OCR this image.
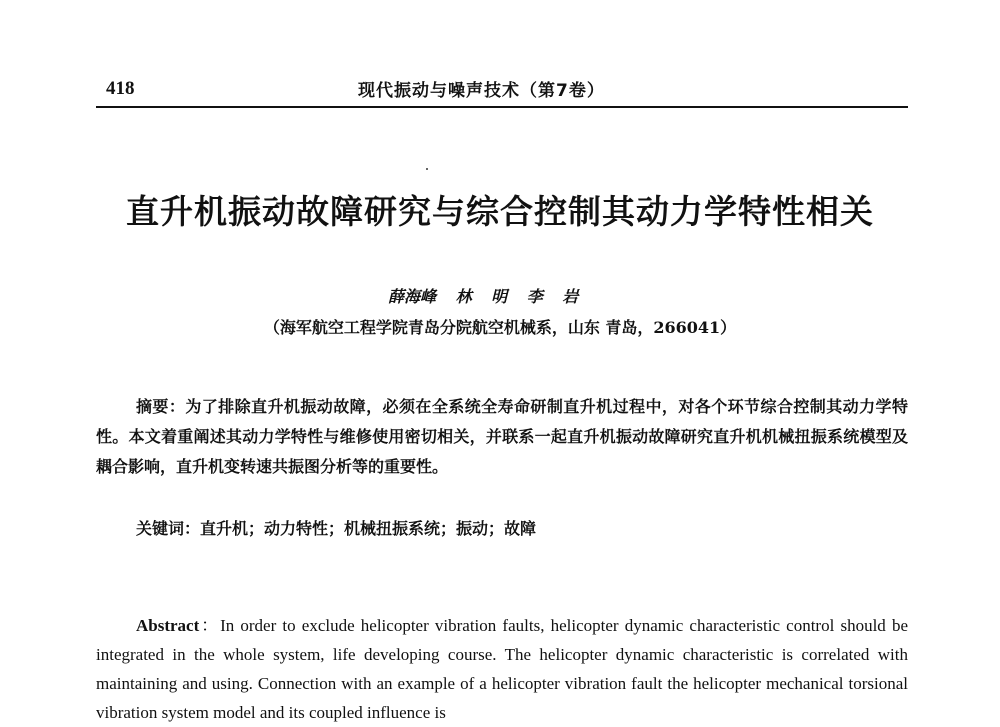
418	现代振动与噪声技术（第7卷）
直升机振动故障研究与综合控制其动力学特性相关
薛海峰 林 明 李 岩
（海军航空工程学院青岛分院航空机械系，山东 青岛，266041）
摘要：为了排除直升机振动故障，必须在全系统全寿命研制直升机过程中，对各个环节综合控制其动力学特性。本文着重阐述其动力学特性与维修使用密切相关，并联系一起直升机振动故障研究直升机机械扭振系统模型及耦合影响，直升机变转速共振图分析等的重要性。
关键词：直升机；动力特性；机械扭振系统；振动；故障
Abstract：In order to exclude helicopter vibration faults, helicopter dynamic characteristic control should be integrated in the whole system, life developing course. The helicopter dynamic characteristic is correlated with maintaining and using. Connection with an example of a helicopter vibration fault the helicopter mechanical torsional vibration system model and its coupled influence is
